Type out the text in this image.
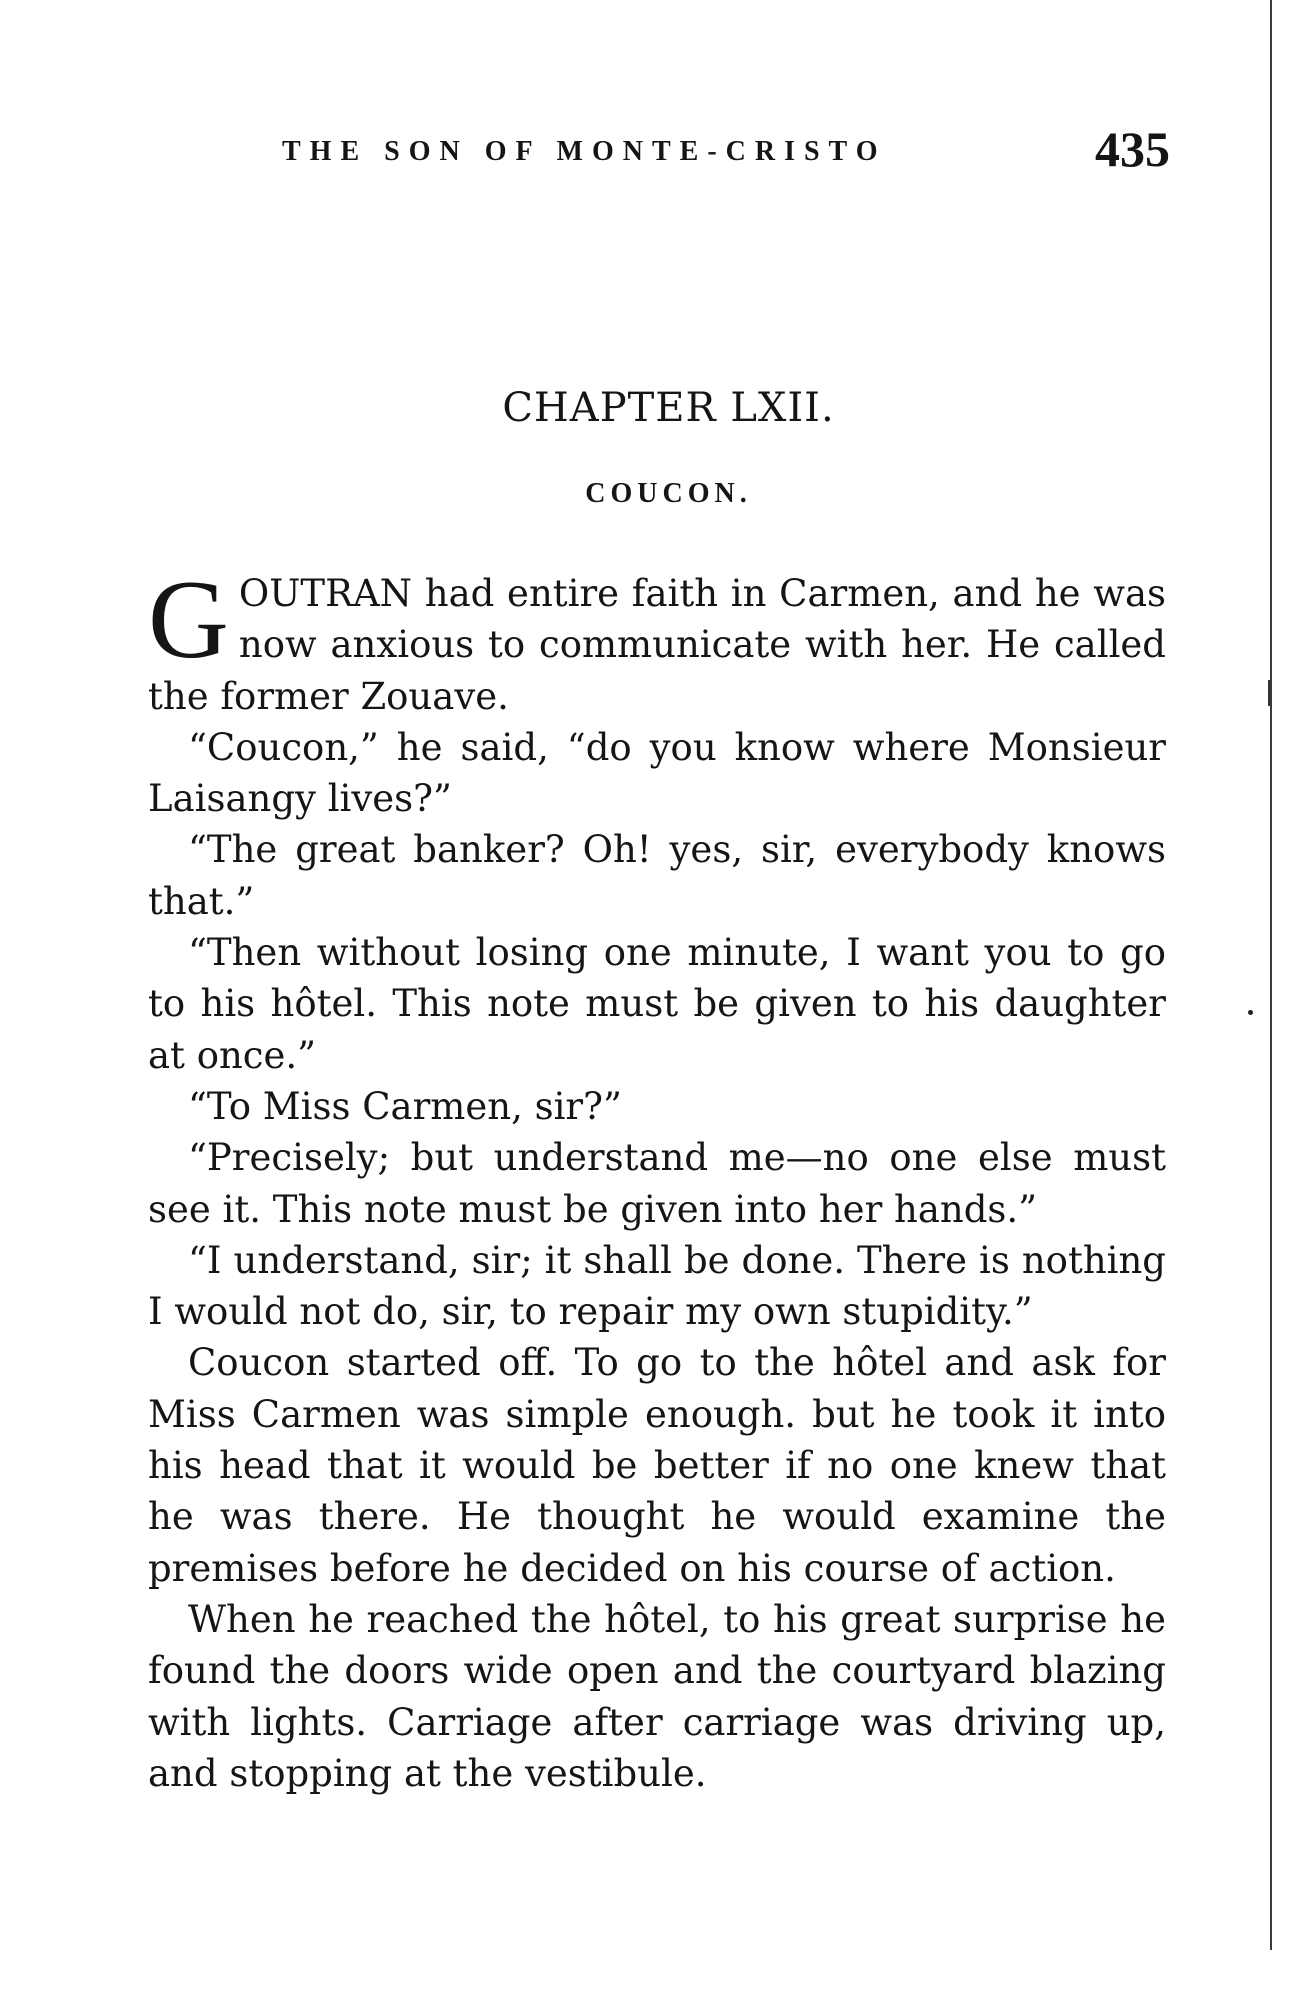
THE SON OF MONTE-CRISTO	435
CHAPTER LXII.
COUCON.

GOUTRAN had entire faith in Carmen, and he was now anxious to communicate with her. He called the former Zouave.

“Coucon,” he said, “do you know where Monsieur Laisangy lives?”

“The great banker? Oh! yes, sir, everybody knows that.”

“Then without losing one minute, I want you to go to his hôtel. This note must be given to his daughter at once.”

“To Miss Carmen, sir?”

“Precisely; but understand me—no one else must see it. This note must be given into her hands.”

“I understand, sir; it shall be done. There is nothing I would not do, sir, to repair my own stupidity.”

Coucon started off. To go to the hôtel and ask for Miss Carmen was simple enough. but he took it into his head that it would be better if no one knew that he was there. He thought he would examine the premises before he decided on his course of action.

When he reached the hôtel, to his great surprise he found the doors wide open and the courtyard blazing with lights. Carriage after carriage was driving up, and stopping at the vestibule.
